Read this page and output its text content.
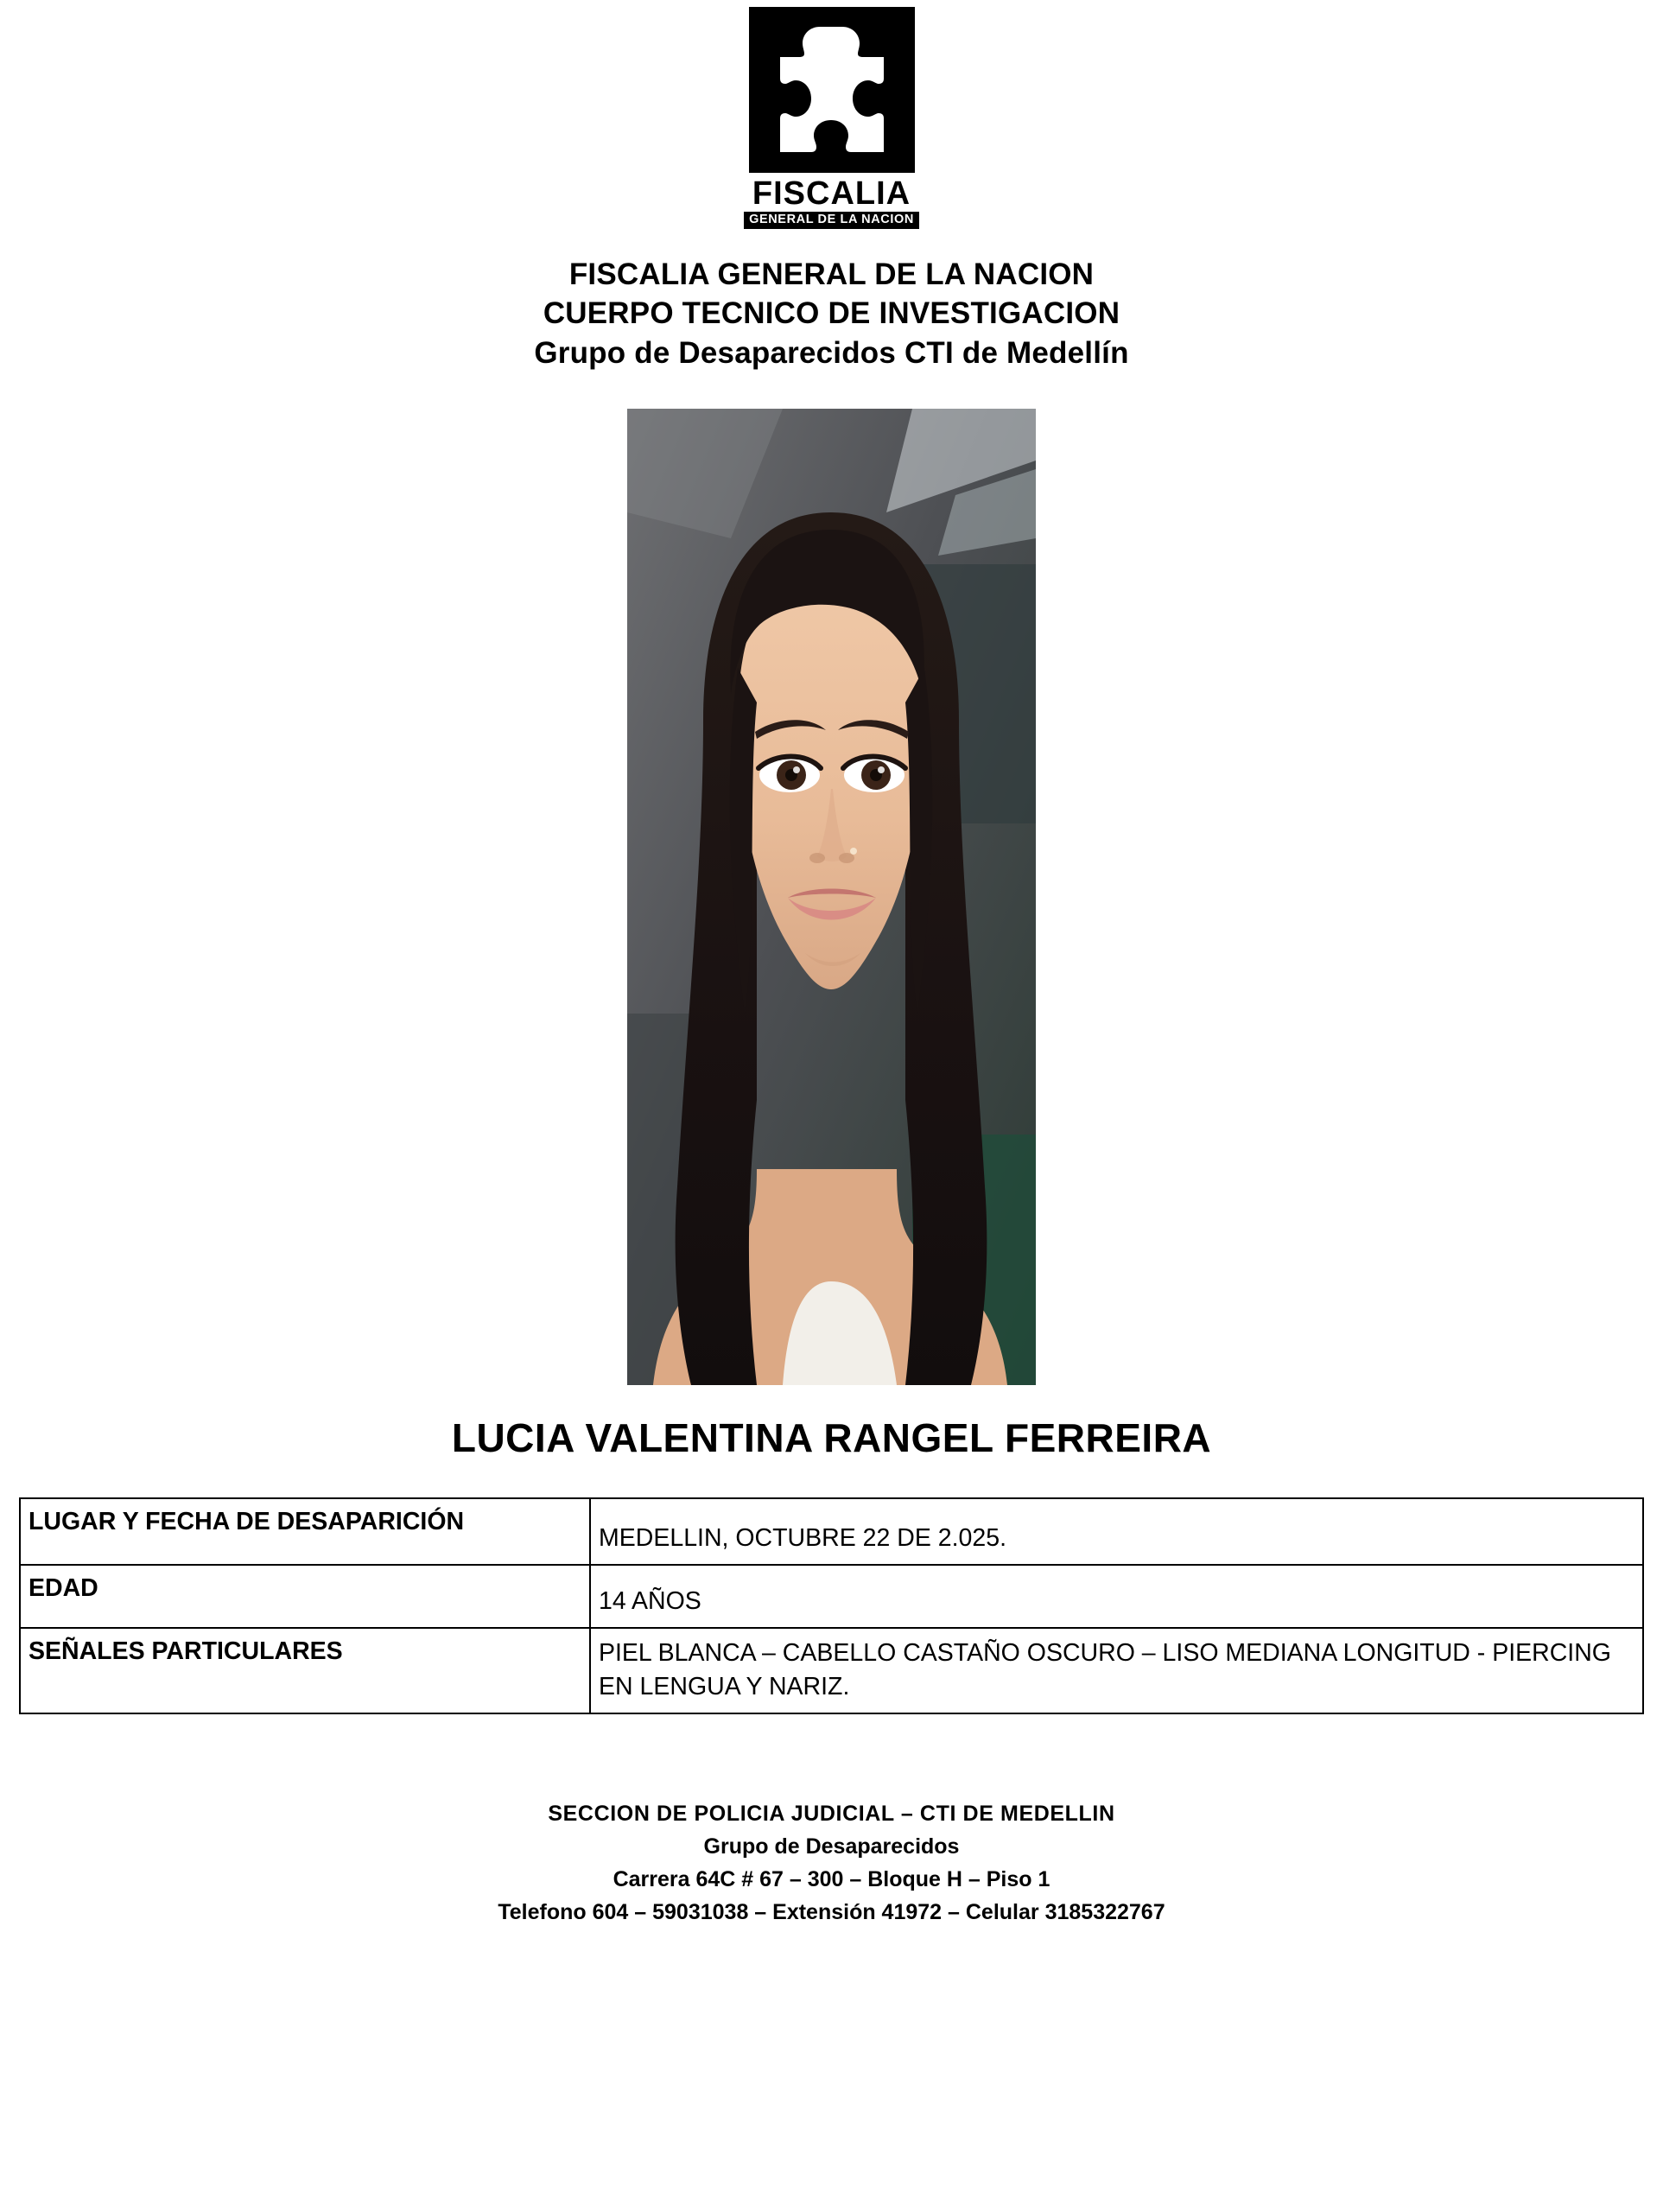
FISCALIA
GENERAL DE LA NACION
FISCALIA GENERAL DE LA NACION
CUERPO TECNICO DE INVESTIGACION
Grupo de Desaparecidos CTI de Medellín
LUCIA VALENTINA RANGEL FERREIRA
LUGAR Y FECHA DE DESAPARICIÓN	MEDELLIN, OCTUBRE 22 DE 2.025.
EDAD	14 AÑOS
SEÑALES PARTICULARES	PIEL BLANCA – CABELLO CASTAÑO OSCURO – LISO MEDIANA LONGITUD - PIERCING EN LENGUA Y NARIZ.
SECCION DE POLICIA JUDICIAL – CTI DE MEDELLIN
Grupo de Desaparecidos
Carrera 64C # 67 – 300 – Bloque H – Piso 1
Telefono 604 – 59031038 – Extensión 41972 – Celular 3185322767
